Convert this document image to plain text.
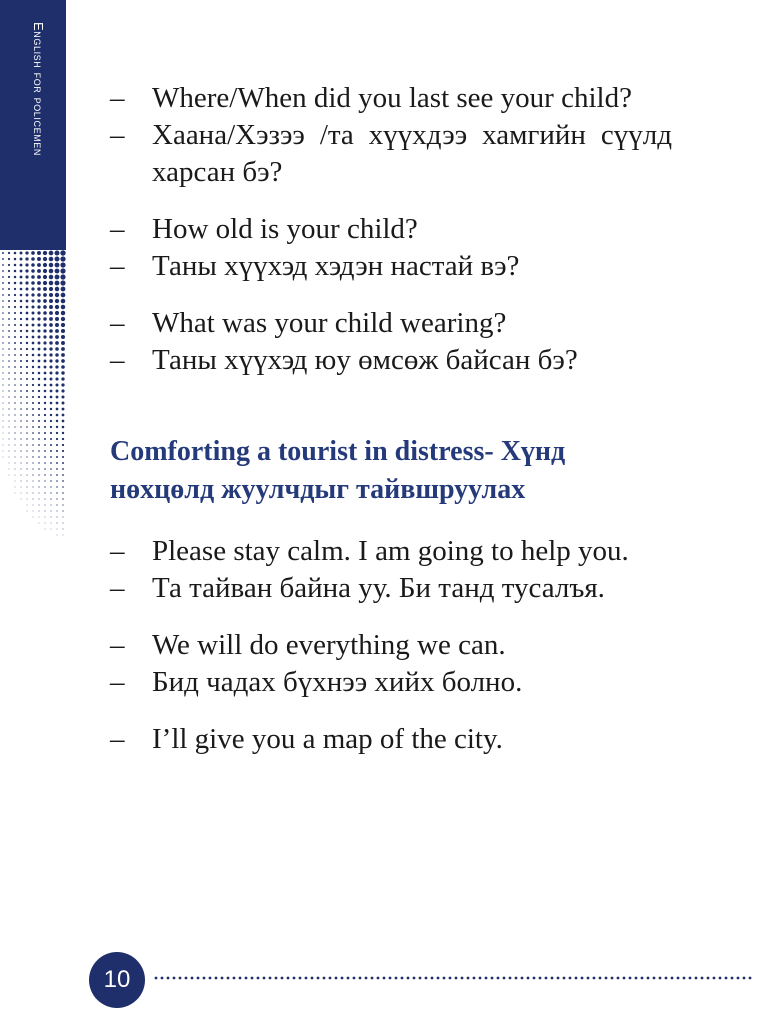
English for policemen – Where/When did you last see your child?
– Хаана/Хэзээ /та хүүхдээ хамгийн сүүлд харсан бэ?
– How old is your child?
– Таны хүүхэд хэдэн настай вэ?
– What was your child wearing?
– Таны хүүхэд юу өмсөж байсан бэ?
Comforting a tourist in distress- Хүнд нөхцөлд жуулчдыг тайвшруулах
– Please stay calm. I am going to help you.
– Та тайван байна уу. Би танд тусалъя.
– We will do everything we can.
– Бид чадах бүхнээ хийх болно.
– I’ll give you a map of the city.
10
